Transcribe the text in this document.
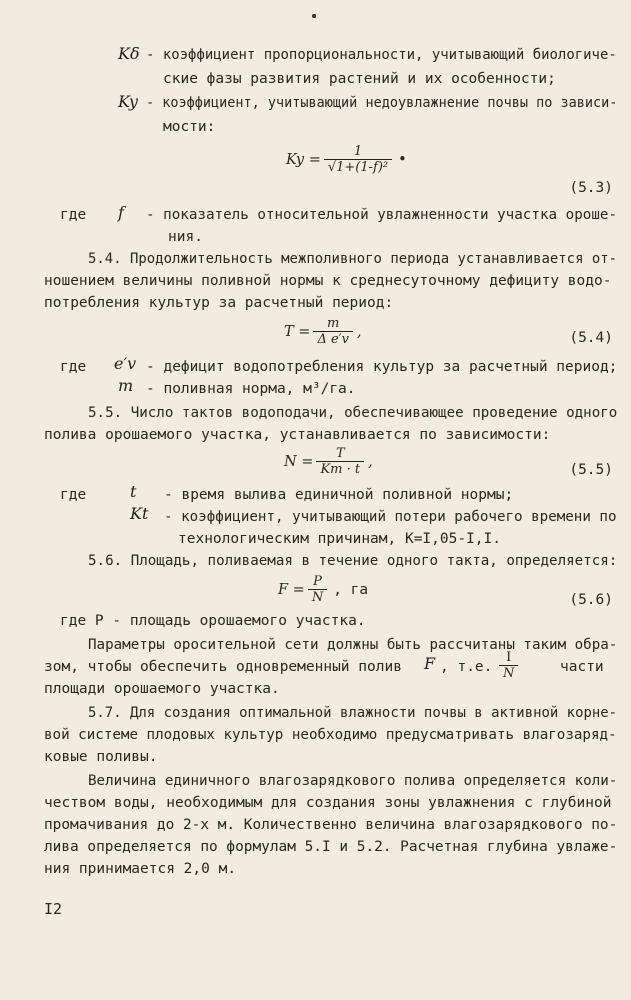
Kδ - коэффициент пропорциональности, учитывающий биологиче-
ские фазы развития растений и их особенности;
Ky - коэффициент, учитывающий недоувлажнение почвы по зависи-
мости:
$Ky = \frac{1}{\text{√1+(1-f)²}}$ •
(5.3)
где f - показатель относительной увлажненности участка ороше-
ния.
5.4. Продолжительность межполивного периода устанавливается от-
ношением величины поливной нормы к среднесуточному дефициту водо-
потребления культур за расчетный период:
$T = \frac{m}{\text{Δ e′v}}$ ,	(5.4)
где e′v - дефицит водопотребления культур за расчетный период;
m - поливная норма, м³/га.
5.5. Число тактов водоподачи, обеспечивающее проведение одного
полива орошаемого участка, устанавливается по зависимости:
$N = \frac{T}{Kт \cdot t}$ ,
(5.5)
где	t - время вылива единичной поливной нормы;
Kt - коэффициент, учитывающий потери рабочего времени по
технологическим причинам, K=I,05-I,I.
5.6. Площадь, поливаемая в течение одного такта, определяется:
$F = \frac{P}{N}$ , га
(5.6)
где Р - площадь орошаемого участка.
Параметры оросительной сети должны быть рассчитаны таким обра-
зом, чтобы обеспечить одновременный полив F , т.е. $\frac{I}{N}$	части
площади орошаемого участка.
5.7. Для создания оптимальной влажности почвы в активной корне-
вой системе плодовых культур необходимо предусматривать влагозаряд-
ковые поливы.
Величина единичного влагозарядкового полива определяется коли-
чеством воды, необходимым для создания зоны увлажнения с глубиной
промачивания до 2-х м. Количественно величина влагозарядкового по-
лива определяется по формулам 5.I и 5.2. Расчетная глубина увлаже-
ния принимается 2,0 м.
I2
